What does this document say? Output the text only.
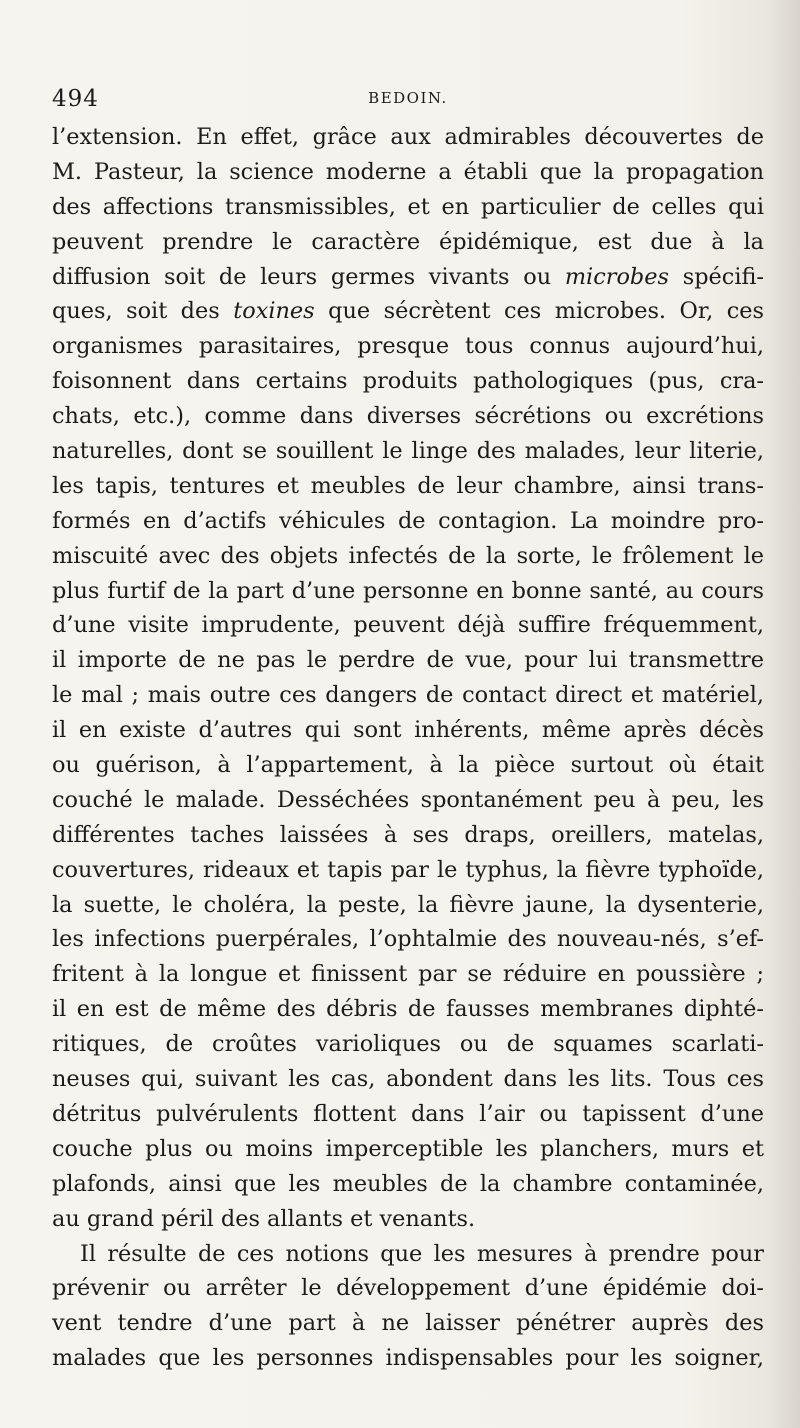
494	BEDOIN.
l’extension. En effet, grâce aux admirables découvertes de
M. Pasteur, la science moderne a établi que la propagation
des affections transmissibles, et en particulier de celles qui
peuvent prendre le caractère épidémique, est due à la
diffusion soit de leurs germes vivants ou microbes spécifi-
ques, soit des toxines que sécrètent ces microbes. Or, ces
organismes parasitaires, presque tous connus aujourd’hui,
foisonnent dans certains produits pathologiques (pus, cra-
chats, etc.), comme dans diverses sécrétions ou excrétions
naturelles, dont se souillent le linge des malades, leur literie,
les tapis, tentures et meubles de leur chambre, ainsi trans-
formés en d’actifs véhicules de contagion. La moindre pro-
miscuité avec des objets infectés de la sorte, le frôlement le
plus furtif de la part d’une personne en bonne santé, au cours
d’une visite imprudente, peuvent déjà suffire fréquemment,
il importe de ne pas le perdre de vue, pour lui transmettre
le mal ; mais outre ces dangers de contact direct et matériel,
il en existe d’autres qui sont inhérents, même après décès
ou guérison, à l’appartement, à la pièce surtout où était
couché le malade. Desséchées spontanément peu à peu, les
différentes taches laissées à ses draps, oreillers, matelas,
couvertures, rideaux et tapis par le typhus, la fièvre typhoïde,
la suette, le choléra, la peste, la fièvre jaune, la dysenterie,
les infections puerpérales, l’ophtalmie des nouveau-nés, s’ef-
fritent à la longue et finissent par se réduire en poussière ;
il en est de même des débris de fausses membranes diphté-
ritiques, de croûtes varioliques ou de squames scarlati-
neuses qui, suivant les cas, abondent dans les lits. Tous ces
détritus pulvérulents flottent dans l’air ou tapissent d’une
couche plus ou moins imperceptible les planchers, murs et
plafonds, ainsi que les meubles de la chambre contaminée,
au grand péril des allants et venants.
Il résulte de ces notions que les mesures à prendre pour
prévenir ou arrêter le développement d’une épidémie doi-
vent tendre d’une part à ne laisser pénétrer auprès des
malades que les personnes indispensables pour les soigner,
